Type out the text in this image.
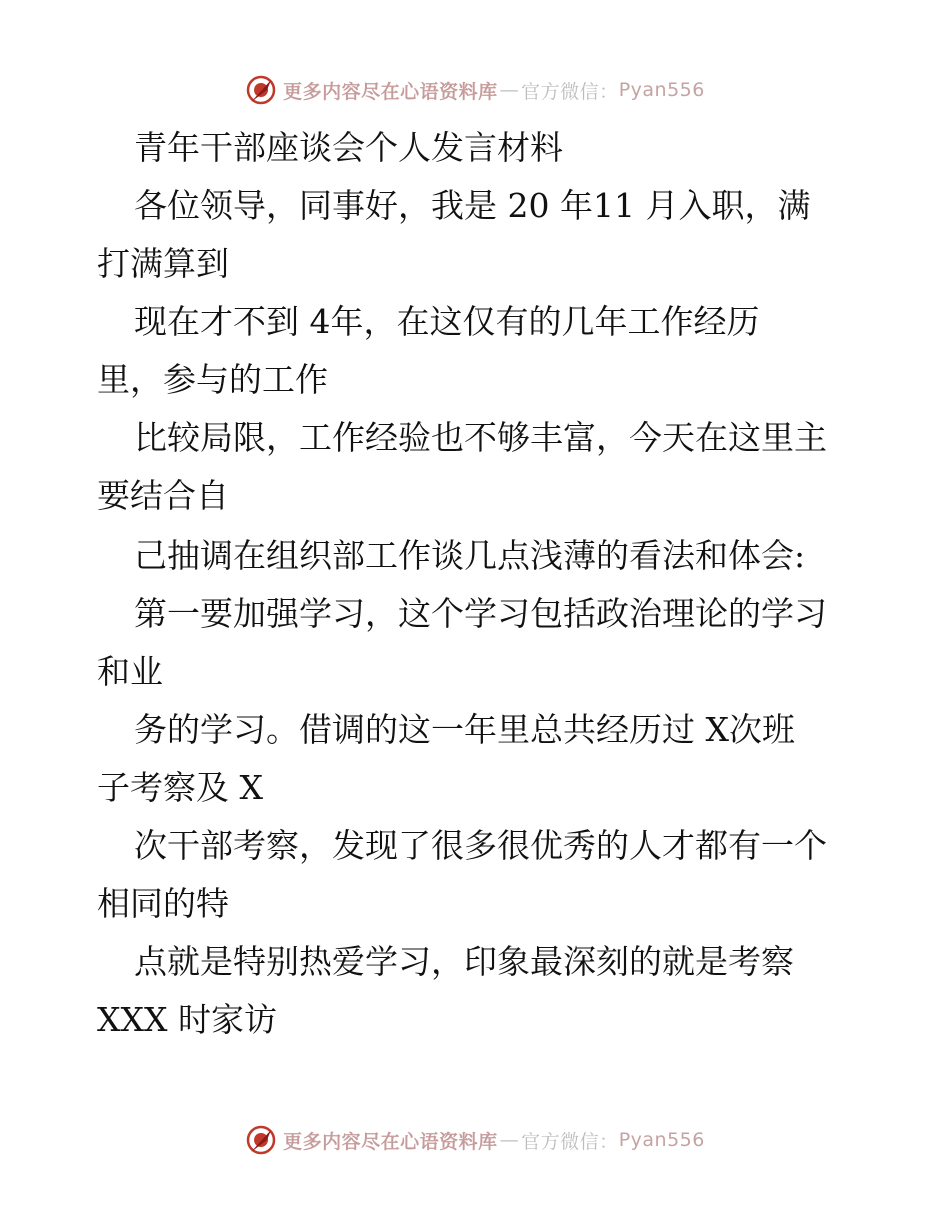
更多内容尽在心语资料库 — 官方微信： Pyan556
青年干部座谈会个人发言材料
各位领导，同事好，我是 20 年11 月入职，满
打满算到
现在才不到 4年，在这仅有的几年工作经历
里，参与的工作
比较局限，工作经验也不够丰富，今天在这里主
要结合自
己抽调在组织部工作谈几点浅薄的看法和体会:
第一要加强学习，这个学习包括政治理论的学习
和业
务的学习。借调的这一年里总共经历过 X次班
子考察及 X
次干部考察，发现了很多很优秀的人才都有一个
相同的特
点就是特别热爱学习，印象最深刻的就是考察
XXX 时家访
更多内容尽在心语资料库 — 官方微信： Pyan556
